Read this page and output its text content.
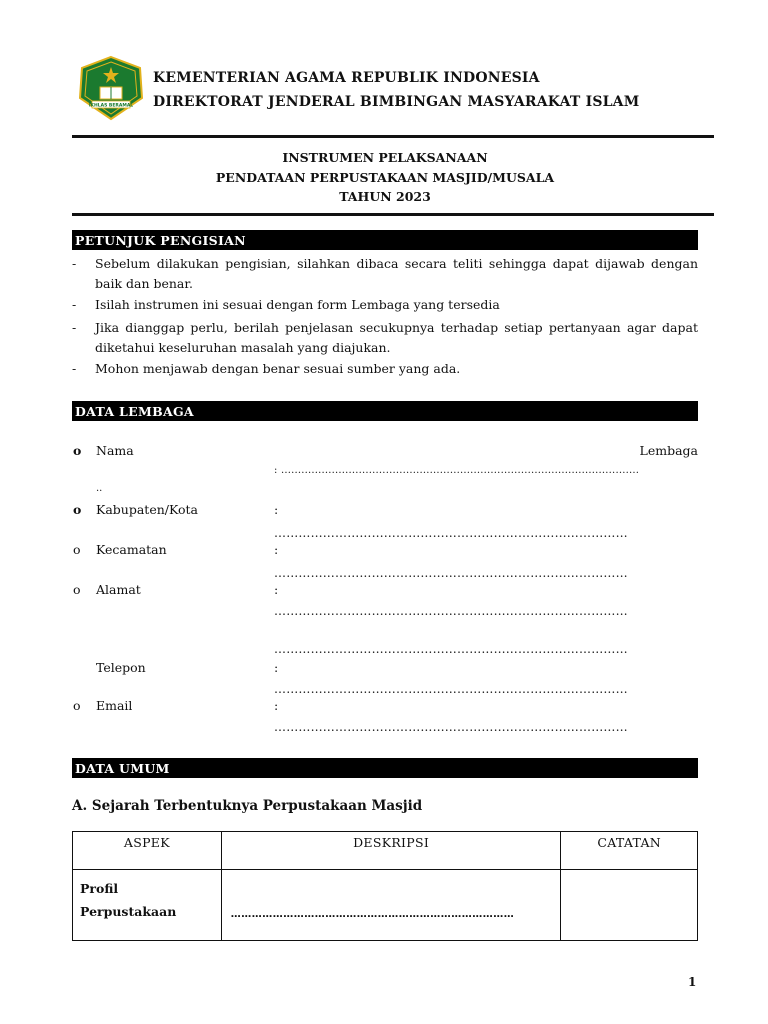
IKHLAS BERAMAL
KEMENTERIAN AGAMA REPUBLIK INDONESIA
DIREKTORAT JENDERAL BIMBINGAN MASYARAKAT ISLAM
INSTRUMEN PELAKSANAAN
PENDATAAN PERPUSTAKAAN MASJID/MUSALA
TAHUN 2023
PETUNJUK PENGISIAN
- Sebelum dilakukan pengisian, silahkan dibaca secara teliti sehingga dapat dijawab dengan baik dan benar.
- Isilah instrumen ini sesuai dengan form Lembaga yang tersedia
- Jika dianggap perlu, berilah penjelasan secukupnya terhadap setiap pertanyaan agar dapat diketahui keseluruhan masalah yang diajukan.
- Mohon menjawab dengan benar sesuai sumber yang ada.
DATA LEMBAGA
o Nama	Lembaga
: ..........................................................................................................
..
o Kabupaten/Kota	:
……………………………………………………………………………
o Kecamatan	:
……………………………………………………………………………
o Alamat	:
……………………………………………………………………………
……………………………………………………………………………
Telepon	:
……………………………………………………………………………
o Email	:
……………………………………………………………………………
DATA UMUM
A. Sejarah Terbentuknya Perpustakaan Masjid
ASPEK	DESKRIPSI	CATATAN

Profil
Perpustakaan	………………………………………………………………………	

1
